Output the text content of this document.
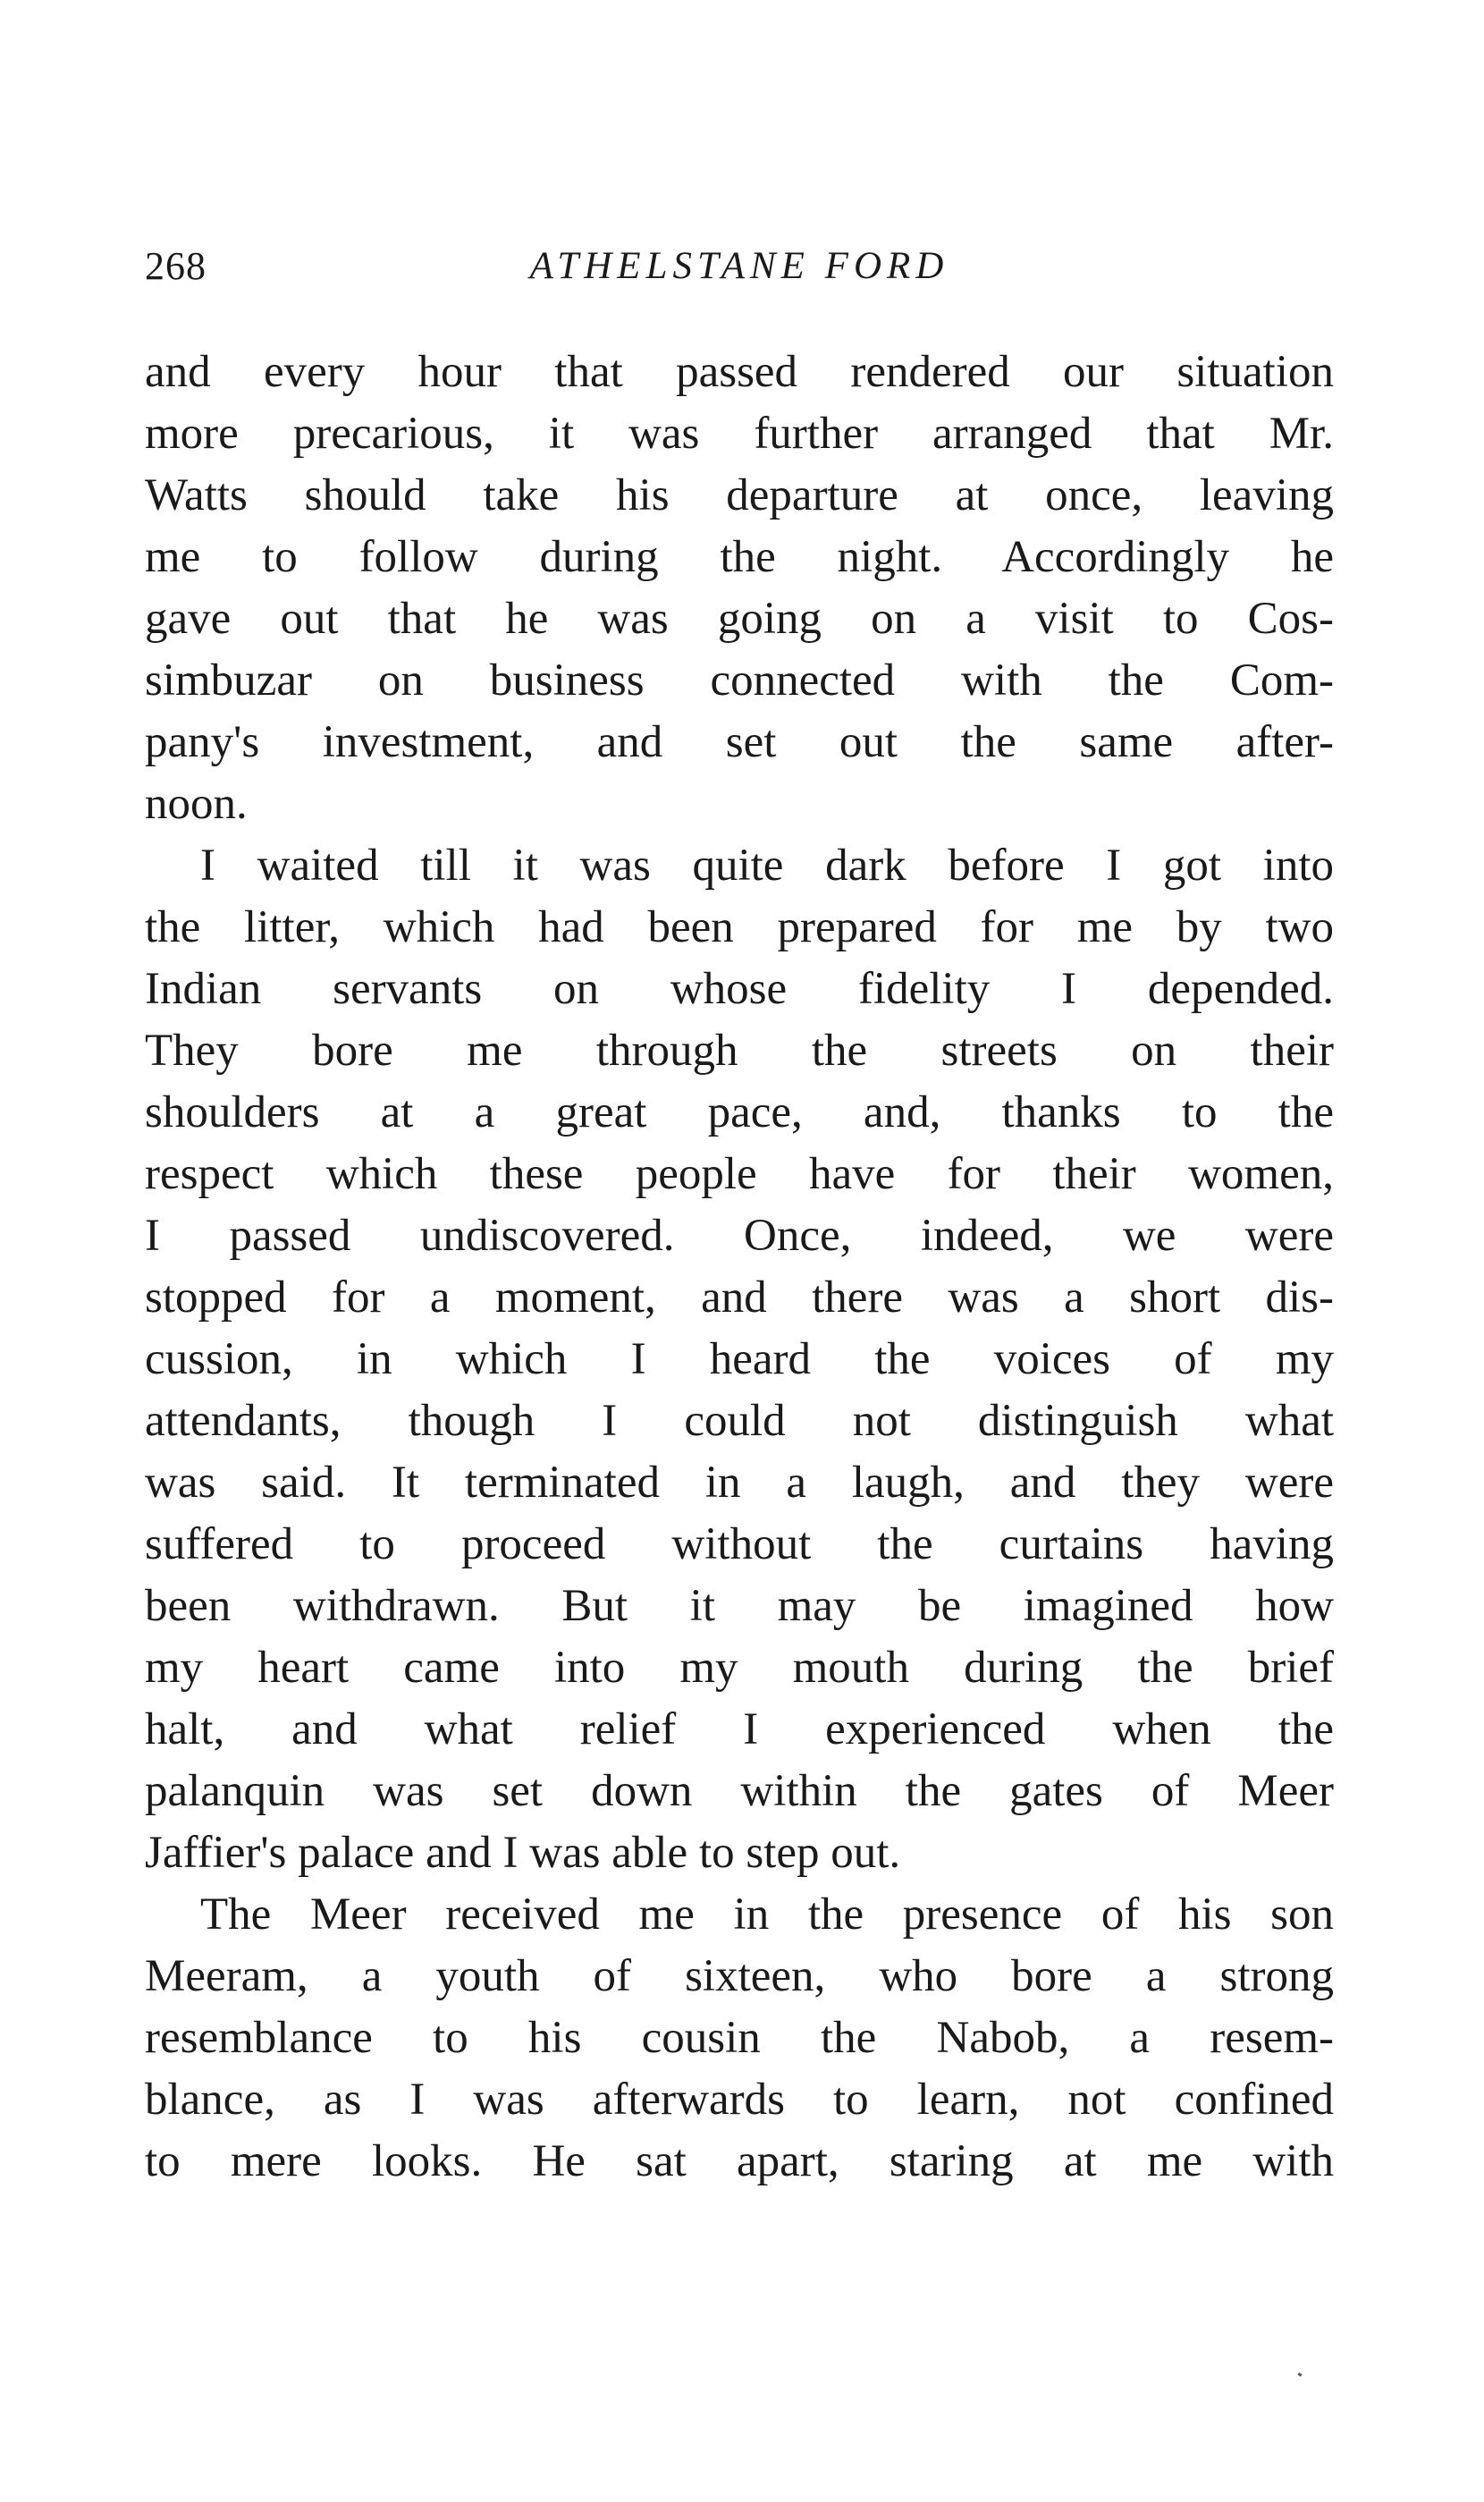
268	ATHELSTANE FORD
and every hour that passed rendered our situation
more precarious, it was further arranged that Mr.
Watts should take his departure at once, leaving
me to follow during the night. Accordingly he
gave out that he was going on a visit to Cos-
simbuzar on business connected with the Com-
pany's investment, and set out the same after-
noon.
I waited till it was quite dark before I got into
the litter, which had been prepared for me by two
Indian servants on whose fidelity I depended.
They bore me through the streets on their
shoulders at a great pace, and, thanks to the
respect which these people have for their women,
I passed undiscovered. Once, indeed, we were
stopped for a moment, and there was a short dis-
cussion, in which I heard the voices of my
attendants, though I could not distinguish what
was said. It terminated in a laugh, and they were
suffered to proceed without the curtains having
been withdrawn. But it may be imagined how
my heart came into my mouth during the brief
halt, and what relief I experienced when the
palanquin was set down within the gates of Meer
Jaffier's palace and I was able to step out.
The Meer received me in the presence of his son
Meeram, a youth of sixteen, who bore a strong
resemblance to his cousin the Nabob, a resem-
blance, as I was afterwards to learn, not confined
to mere looks. He sat apart, staring at me with
